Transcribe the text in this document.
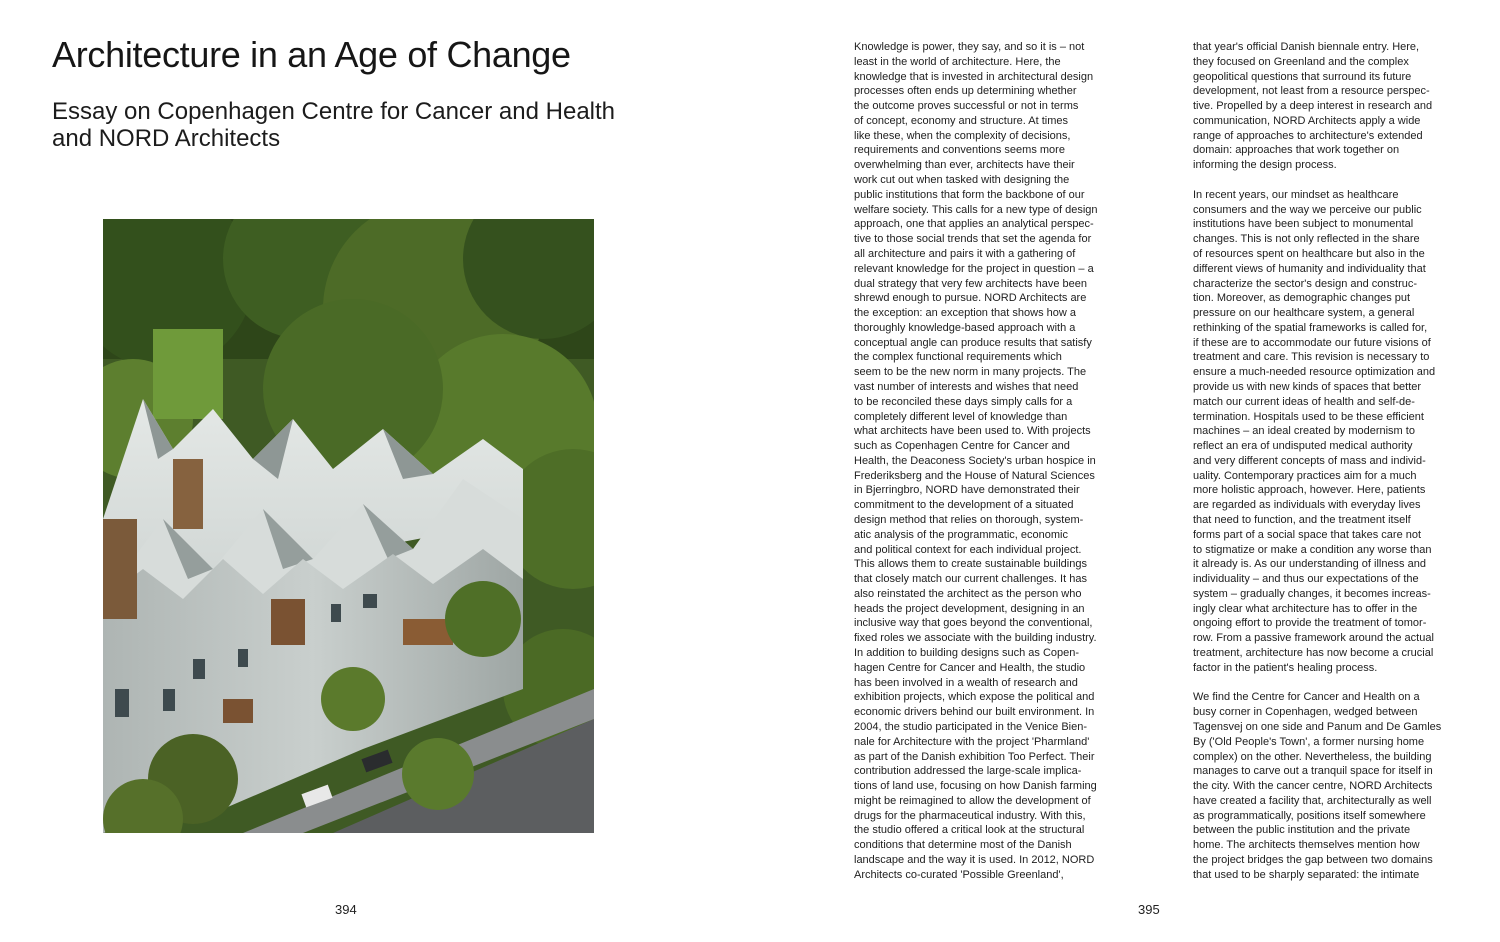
Architecture in an Age of Change
Essay on Copenhagen Centre for Cancer and Health and NORD Architects

Knowledge is power, they say, and so it is – not
least in the world of architecture. Here, the
knowledge that is invested in architectural design
processes often ends up determining whether
the outcome proves successful or not in terms
of concept, economy and structure. At times
like these, when the complexity of decisions,
requirements and conventions seems more
overwhelming than ever, architects have their
work cut out when tasked with designing the
public institutions that form the backbone of our
welfare society. This calls for a new type of design
approach, one that applies an analytical perspec-
tive to those social trends that set the agenda for
all architecture and pairs it with a gathering of
relevant knowledge for the project in question – a
dual strategy that very few architects have been
shrewd enough to pursue. NORD Architects are
the exception: an exception that shows how a
thoroughly knowledge-based approach with a
conceptual angle can produce results that satisfy
the complex functional requirements which
seem to be the new norm in many projects. The
vast number of interests and wishes that need
to be reconciled these days simply calls for a
completely different level of knowledge than
what architects have been used to. With projects
such as Copenhagen Centre for Cancer and
Health, the Deaconess Society's urban hospice in
Frederiksberg and the House of Natural Sciences
in Bjerringbro, NORD have demonstrated their
commitment to the development of a situated
design method that relies on thorough, system-
atic analysis of the programmatic, economic
and political context for each individual project.
This allows them to create sustainable buildings
that closely match our current challenges. It has
also reinstated the architect as the person who
heads the project development, designing in an
inclusive way that goes beyond the conventional,
fixed roles we associate with the building industry.
In addition to building designs such as Copen-
hagen Centre for Cancer and Health, the studio
has been involved in a wealth of research and
exhibition projects, which expose the political and
economic drivers behind our built environment. In
2004, the studio participated in the Venice Bien-
nale for Architecture with the project 'Pharmland'
as part of the Danish exhibition Too Perfect. Their
contribution addressed the large-scale implica-
tions of land use, focusing on how Danish farming
might be reimagined to allow the development of
drugs for the pharmaceutical industry. With this,
the studio offered a critical look at the structural
conditions that determine most of the Danish
landscape and the way it is used. In 2012, NORD
Architects co-curated 'Possible Greenland',

that year's official Danish biennale entry. Here,
they focused on Greenland and the complex
geopolitical questions that surround its future
development, not least from a resource perspec-
tive. Propelled by a deep interest in research and
communication, NORD Architects apply a wide
range of approaches to architecture's extended
domain: approaches that work together on
informing the design process.

In recent years, our mindset as healthcare
consumers and the way we perceive our public
institutions have been subject to monumental
changes. This is not only reflected in the share
of resources spent on healthcare but also in the
different views of humanity and individuality that
characterize the sector's design and construc-
tion. Moreover, as demographic changes put
pressure on our healthcare system, a general
rethinking of the spatial frameworks is called for,
if these are to accommodate our future visions of
treatment and care. This revision is necessary to
ensure a much-needed resource optimization and
provide us with new kinds of spaces that better
match our current ideas of health and self-de-
termination. Hospitals used to be these efficient
machines – an ideal created by modernism to
reflect an era of undisputed medical authority
and very different concepts of mass and individ-
uality. Contemporary practices aim for a much
more holistic approach, however. Here, patients
are regarded as individuals with everyday lives
that need to function, and the treatment itself
forms part of a social space that takes care not
to stigmatize or make a condition any worse than
it already is. As our understanding of illness and
individuality – and thus our expectations of the
system – gradually changes, it becomes increas-
ingly clear what architecture has to offer in the
ongoing effort to provide the treatment of tomor-
row. From a passive framework around the actual
treatment, architecture has now become a crucial
factor in the patient's healing process.

We find the Centre for Cancer and Health on a
busy corner in Copenhagen, wedged between
Tagensvej on one side and Panum and De Gamles
By ('Old People's Town', a former nursing home
complex) on the other. Nevertheless, the building
manages to carve out a tranquil space for itself in
the city. With the cancer centre, NORD Architects
have created a facility that, architecturally as well
as programmatically, positions itself somewhere
between the public institution and the private
home. The architects themselves mention how
the project bridges the gap between two domains
that used to be sharply separated: the intimate

394	395
